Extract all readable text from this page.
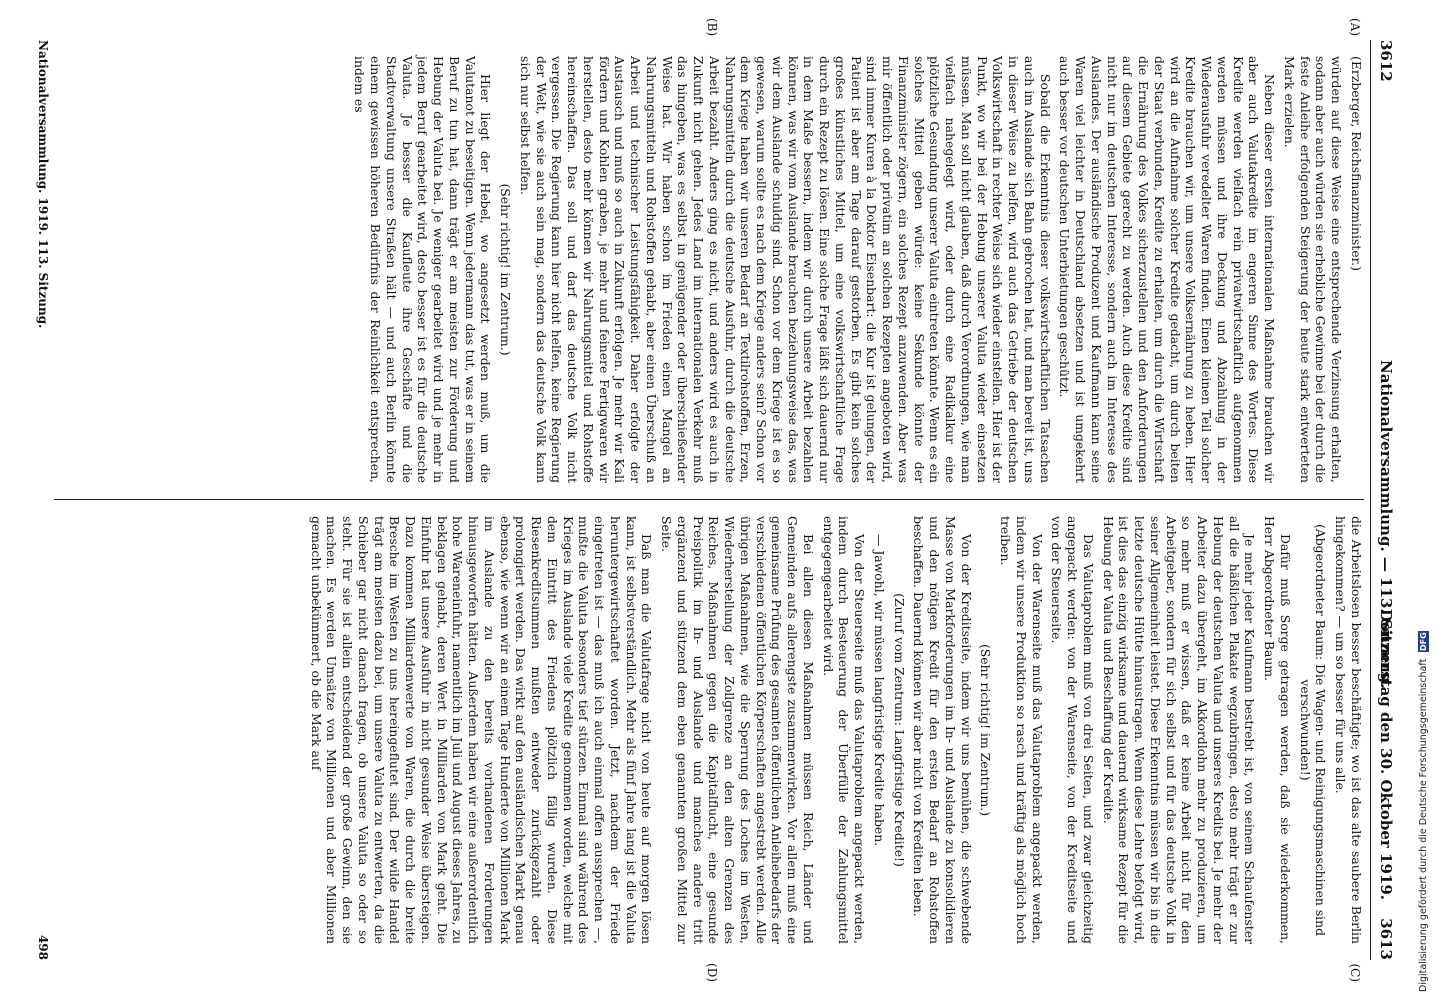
3612
Nationalversammlung. — 113. Sitzung.
Donnerstag den 30. Oktober 1919.
3613
(A)
(B)

(Erzberger, Reichsfinanzminister.)

würden auf diese Weise eine entsprechende Verzinsung erhalten, sodann aber auch würden sie erhebliche Gewinne bei der durch die feste Anleihe erfolgenden Steigerung der heute stark entwerteten Mark erzielen.

Neben dieser ersten internationalen Maßnahme brauchen wir aber auch Valutakredite im engeren Sinne des Wortes. Diese Kredite werden vielfach rein privatwirtschaftlich aufgenommen werden müssen und ihre Deckung und Abzahlung in der Wiederausfuhr veredelter Waren finden. Einen kleinen Teil solcher Kredite brauchen wir, um unsere Volksernährung zu heben. Hier wird an die Aufnahme solcher Kredite gedacht, um durch beiten der Staat verbunden, Kredite zu erhalten, um durch die Wirtschaft die Ernährung des Volkes sicherzustellen und den Anforderungen auf diesem Gebiete gerecht zu werden. Auch diese Kredite sind nicht nur im deutschen Interesse, sondern auch im Interesse des Auslandes. Der ausländische Produzent und Kaufmann kann seine Waren viel leichter in Deutschland absetzen und ist umgekehrt auch besser vor deutschen Unterbietungen geschützt.

Sobald die Erkenntnis dieser volkswirtschaftlichen Tatsachen auch im Auslande sich Bahn gebrochen hat, und man bereit ist, uns in dieser Weise zu helfen, wird auch das Getriebe der deutschen Volkswirtschaft in rechter Weise sich wieder einstellen. Hier ist der Punkt, wo wir bei der Hebung unserer Valuta wieder einsetzen müssen. Man soll nicht glauben, daß durch Verordnungen, wie man vielfach nahegelegt wird, oder durch eine Radikalkur eine plötzliche Gesundung unserer Valuta eintreten könnte. Wenn es ein solches Mittel geben würde: keine Sekunde könnte der Finanzminister zögern, ein solches Rezept anzuwenden. Aber was mir öffentlich oder privatim an solchen Rezepten angeboten wird, sind immer Kuren à la Doktor Eisenbart: die Kur ist gelungen, der Patient ist aber am Tage darauf gestorben. Es gibt kein solches großes künstliches Mittel, um eine volkswirtschaftliche Frage durch ein Rezept zu lösen. Eine solche Frage läßt sich dauernd nur in dem Maße bessern, indem wir durch unsere Arbeit bezahlen können, was wir vom Auslande brauchen beziehungsweise das, was wir dem Auslande schuldig sind. Schon vor dem Kriege ist es so gewesen, warum sollte es nach dem Kriege anders sein? Schon vor dem Kriege haben wir unseren Bedarf an Textilrohstoffen, Erzen, Nahrungsmitteln durch die deutsche Ausfuhr, durch die deutsche Arbeit bezahlt. Anders ging es nicht, und anders wird es auch in Zukunft nicht gehen. Jedes Land im internationalen Verkehr muß das hingeben, was es selbst in genügender oder überschießender Weise hat. Wir haben schon im Frieden einen Mangel an Nahrungsmitteln und Rohstoffen gehabt, aber einen Überschuß an Arbeit und technischer Leistungsfähigkeit. Daher erfolgte der Austausch und muß so auch in Zukunft erfolgen. Je mehr wir Kali fördern und Kohlen graben, je mehr und feinere Fertigwaren wir herstellen, desto mehr können wir Nahrungsmittel und Rohstoffe hereinschaffen. Das soll und darf das deutsche Volk nicht vergessen. Die Regierung kann hier nicht helfen, keine Regierung der Welt, wie sie auch sein mag, sondern das deutsche Volk kann sich nur selbst helfen.

(Sehr richtig! im Zentrum.)

Hier liegt der Hebel, wo angesetzt werden muß, um die Valutanot zu beseitigen. Wenn jedermann das tut, was er in seinem Beruf zu tun hat, dann trägt er am meisten zur Förderung und Hebung der Valuta bei. Je weniger gearbeitet wird und je mehr in jedem Beruf gearbeitet wird, desto besser ist es für die deutsche Valuta. Je besser die Kaufleute ihre Geschäfte und die Stadtverwaltung unsere Straßen hält — und auch Berlin könnte einem gewissen höheren Bedürfnis der Reinlichkeit entsprechen, indem es

(C)
(D)

die Arbeitslosen besser beschäftigte; wo ist das alte saubere Berlin hingekommen? — um so besser für uns alle.

(Abgeordneter Baum: Die Wagen- und Reinigungsmaschinen sind verschwunden!)

Dafür muß Sorge getragen werden, daß sie wiederkommen, Herr Abgeordneter Baum.

Je mehr jeder Kaufmann bestrebt ist, von seinem Schaufenster all die häßlichen Plakate wegzubringen, desto mehr trägt er zur Hebung der deutschen Valuta und unseres Kredits bei. Je mehr der Arbeiter dazu übergeht, im Akkordlohn mehr zu produzieren, um so mehr muß er wissen, daß er keine Arbeit nicht für den Arbeitgeber, sondern für sich selbst und für das deutsche Volk in seiner Allgemeinheit leistet. Diese Erkenntnis müssen wir bis in die letzte deutsche Hütte hinaustragen. Wenn diese Lehre befolgt wird, ist dies das einzig wirksame und dauernd wirksame Rezept für die Hebung der Valuta und Beschaffung der Kredite.

Das Valutaproblem muß von drei Seiten, und zwar gleichzeitig angepackt werden: von der Warenseite, von der Kreditseite und von der Steuerseite.

Von der Warenseite muß das Valutaproblem angepackt werden, indem wir unsere Produktion so rasch und kräftig als möglich hoch treiben.

(Sehr richtig! im Zentrum.)

Von der Kreditseite, indem wir uns bemühen, die schwebende Masse von Markforderungen im In- und Auslande zu konsolidieren und den nötigen Kredit für den ersten Bedarf an Rohstoffen beschaffen. Dauernd können wir aber nicht von Krediten leben.

(Zuruf vom Zentrum: Langfristige Kredite!)

— Jawohl, wir müssen langfristige Kredite haben.

Von der Steuerseite muß das Valutaproblem angepackt werden, indem durch Besteuerung der Überfülle der Zahlungsmittel entgegengearbeitet wird.

Bei allen diesen Maßnahmen müssen Reich, Länder und Gemeinden aufs allerengste zusammenwirken. Vor allem muß eine gemeinsame Prüfung des gesamten öffentlichen Anleihebedarfs der verschiedenen öffentlichen Körperschaften angestrebt werden. Alle übrigen Maßnahmen, wie die Sperrung des Loches im Westen, Wiederherstellung der Zollgrenze an den alten Grenzen des Reiches, Maßnahmen gegen die Kapitalflucht, eine gesunde Preispolitik im In- und Auslande und manches andere tritt ergänzend und stützend dem eben genannten großen Mittel zur Seite.

Daß man die Valutafrage nicht von heute auf morgen lösen kann, ist selbstverständlich. Mehr als fünf Jahre lang ist die Valuta heruntergewirtschaftet worden. Jetzt, nachdem der Friede eingetreten ist — das muß ich auch einmal offen aussprechen —, mußte die Valuta besonders tief stürzen. Einmal sind während des Krieges im Auslande viele Kredite genommen worden, welche mit dem Eintritt des Friedens plötzlich fällig wurden. Diese Riesenkreditsummen mußten entweder zurückgezahlt oder prolongiert werden. Das wirkt auf den ausländischen Markt genau ebenso, wie wenn wir an einem Tage Hunderte von Millionen Mark im Auslande zu den bereits vorhandenen Forderungen hinausgeworfen hätten. Außerdem haben wir eine außerordentlich hohe Wareneinfuhr, namentlich im Juli und August dieses Jahres, zu beklagen gehabt, deren Wert in Milliarden von Mark geht. Die Einfuhr hat unsere Ausfuhr in nicht gesunder Weise übersteigen. Dazu kommen Milliardenwerte von Waren, die durch die breite Bresche im Westen zu uns hereingeflutet sind. Der wilde Handel trägt am meisten dazu bei, um unsere Valuta zu entwerten, da die Schieber gar nicht danach fragen, ob unsere Valuta so oder so steht. Für sie ist allein entscheidend der große Gewinn, den sie machen. Es werden Umsätze von Millionen und aber Millionen gemacht unbekümmert, ob die Mark auf

Nationalversammlung. 1919. 113. Sitzung.
498	Digitalisierung gefördert durch die Deutsche Forschungsgemeinschaft DFG
